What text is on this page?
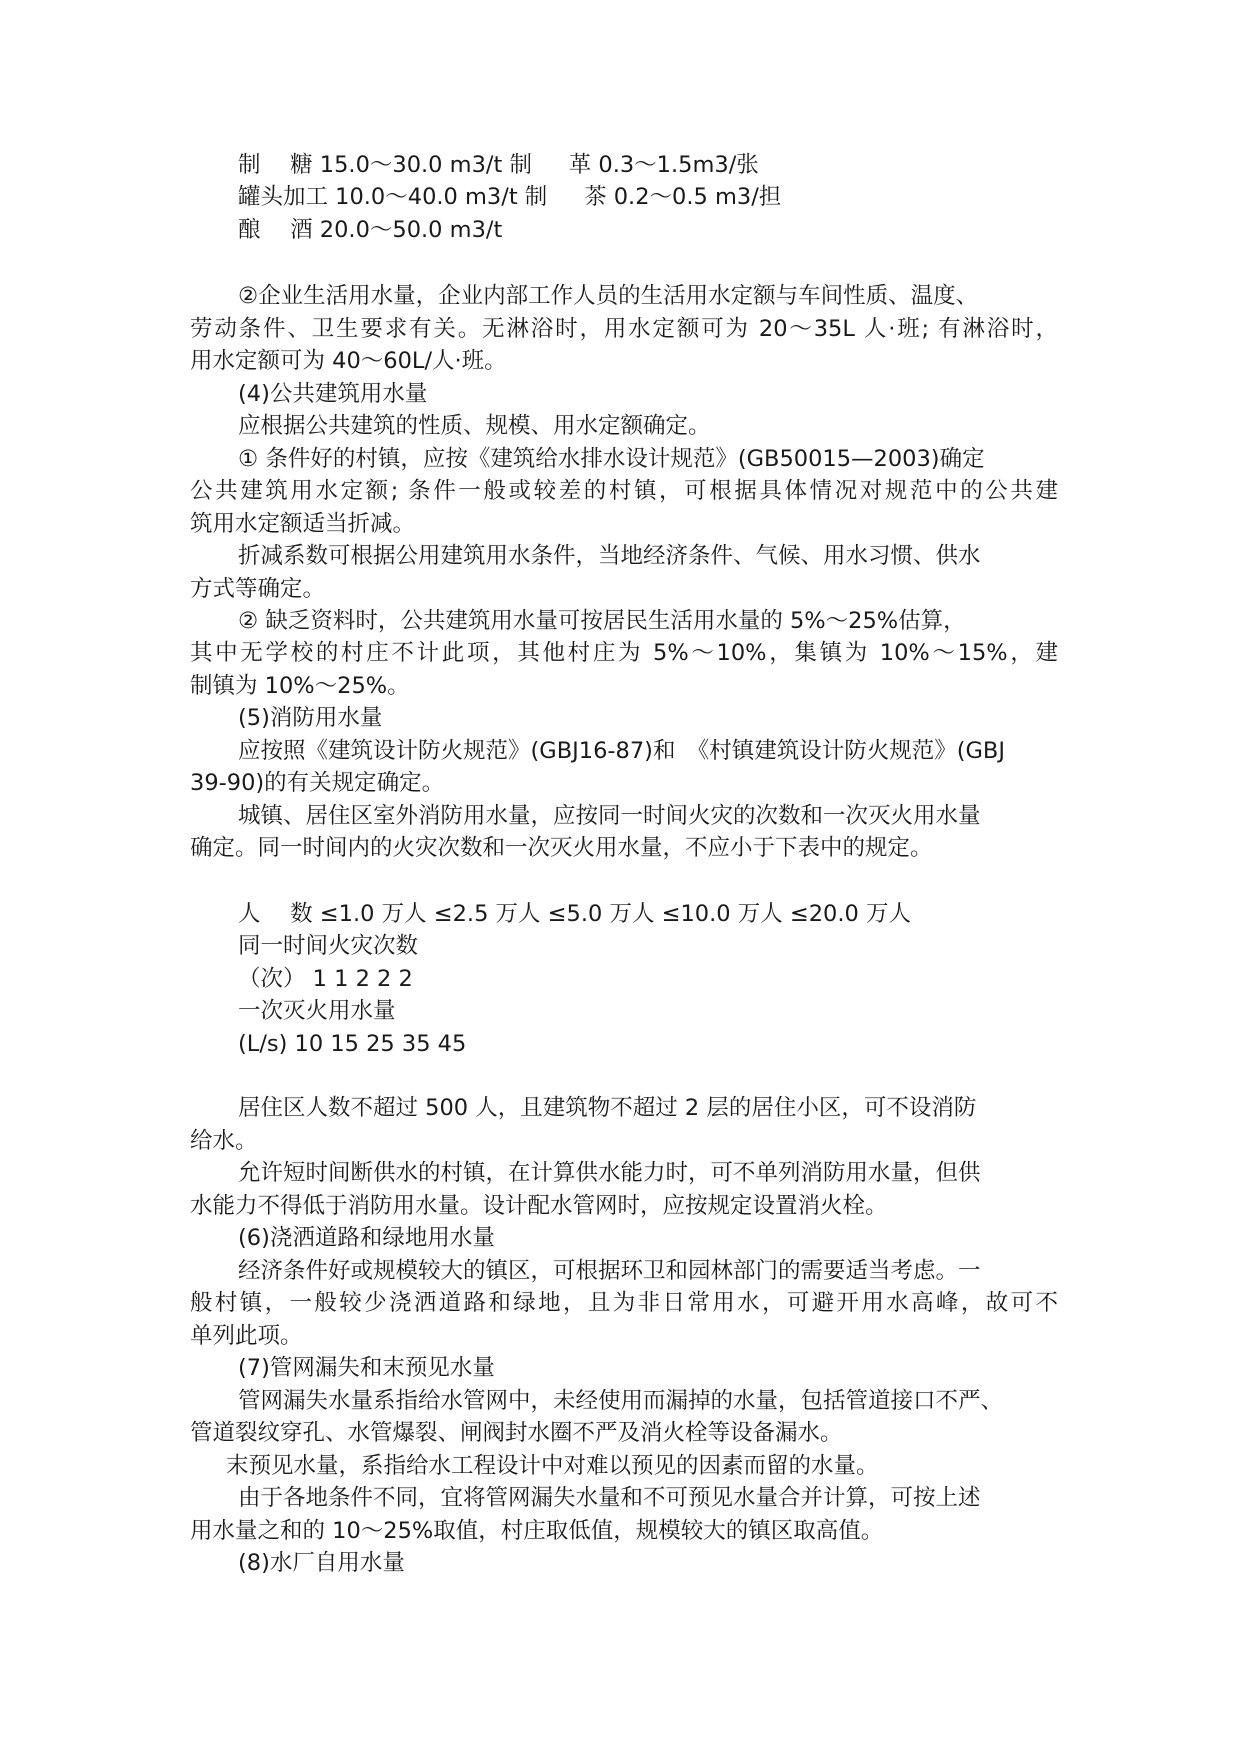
制　 糖 15.0～30.0 m3/t 制 　 革 0.3～1.5m3/张
罐头加工 10.0～40.0 m3/t 制 　 茶 0.2～0.5 m3/担
酿　 酒 20.0～50.0 m3/t
②企业生活用水量，企业内部工作人员的生活用水定额与车间性质、温度、
劳动条件、卫生要求有关。无淋浴时，用水定额可为 20～35L 人·班; 有淋浴时，
用水定额可为 40～60L/人·班。
(4)公共建筑用水量
应根据公共建筑的性质、规模、用水定额确定。
① 条件好的村镇，应按《建筑给水排水设计规范》(GB50015—2003)确定
公共建筑用水定额; 条件一般或较差的村镇，可根据具体情况对规范中的公共建
筑用水定额适当折减。
折减系数可根据公用建筑用水条件，当地经济条件、气候、用水习惯、供水
方式等确定。
② 缺乏资料时，公共建筑用水量可按居民生活用水量的 5%～25%估算，
其中无学校的村庄不计此项，其他村庄为 5%～10%，集镇为 10%～15%，建
制镇为 10%～25%。
(5)消防用水量
应按照《建筑设计防火规范》(GBJ16-87)和　《村镇建筑设计防火规范》(GBJ
39-90)的有关规定确定。
城镇、居住区室外消防用水量，应按同一时间火灾的次数和一次灭火用水量
确定。同一时间内的火灾次数和一次灭火用水量，不应小于下表中的规定。
人　 数 ≤1.0 万人 ≤2.5 万人 ≤5.0 万人 ≤10.0 万人 ≤20.0 万人
同一时间火灾次数
（次） 1 1 2 2 2
一次灭火用水量
(L/s) 10 15 25 35 45
居住区人数不超过 500 人，且建筑物不超过 2 层的居住小区，可不设消防
给水。
允许短时间断供水的村镇，在计算供水能力时，可不单列消防用水量，但供
水能力不得低于消防用水量。设计配水管网时，应按规定设置消火栓。
(6)浇洒道路和绿地用水量
经济条件好或规模较大的镇区，可根据环卫和园林部门的需要适当考虑。一
般村镇，一般较少浇洒道路和绿地，且为非日常用水，可避开用水高峰，故可不
单列此项。
(7)管网漏失和末预见水量
管网漏失水量系指给水管网中，未经使用而漏掉的水量，包括管道接口不严、
管道裂纹穿孔、水管爆裂、闸阀封水圈不严及消火栓等设备漏水。
末预见水量，系指给水工程设计中对难以预见的因素而留的水量。
由于各地条件不同，宜将管网漏失水量和不可预见水量合并计算，可按上述
用水量之和的 10～25%取值，村庄取低值，规模较大的镇区取高值。
(8)水厂自用水量
